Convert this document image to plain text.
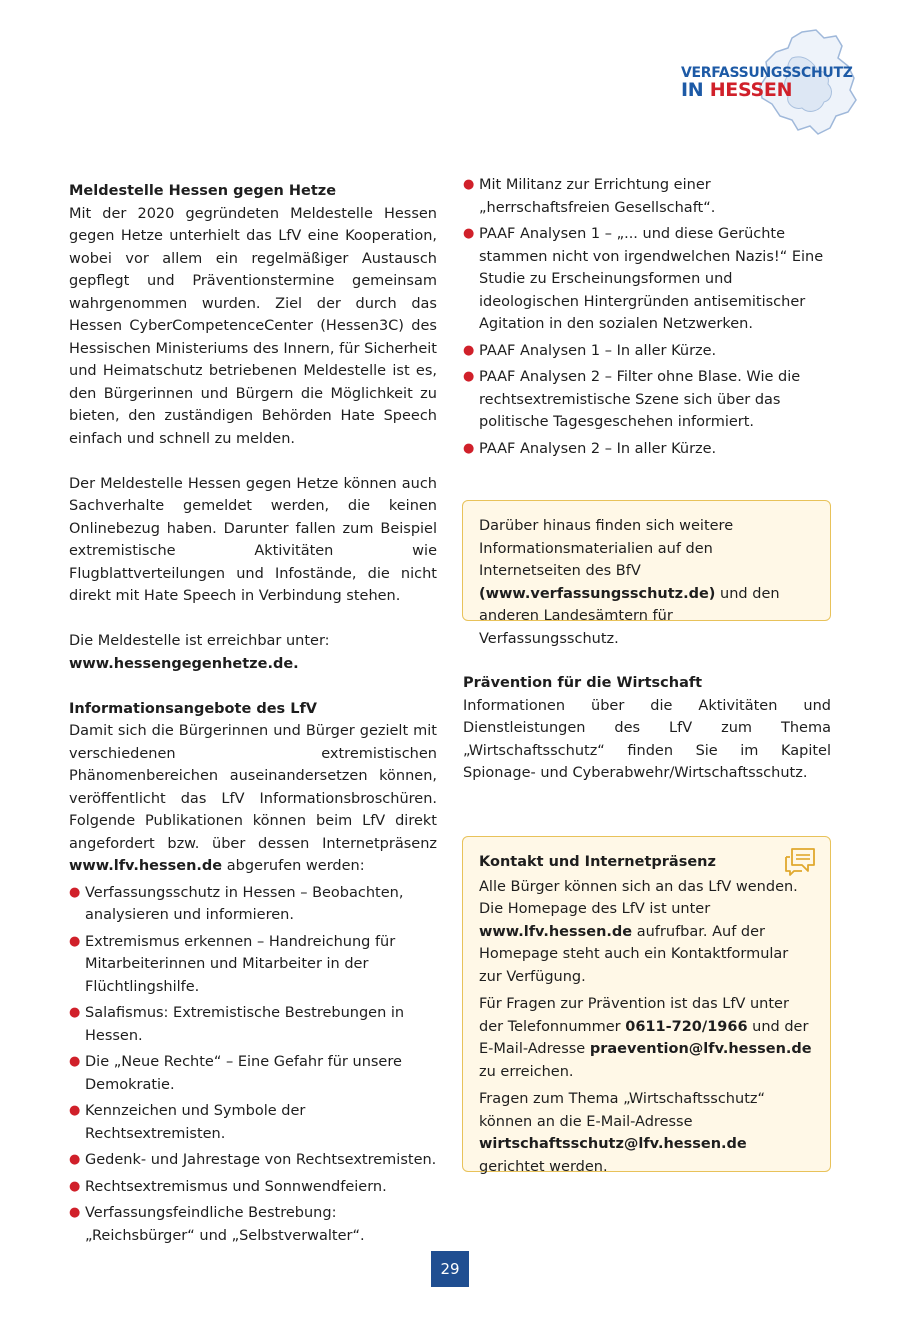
VERFASSUNGSSCHUTZ
IN HESSEN
Meldestelle Hessen gegen Hetze

Mit der 2020 gegründeten Meldestelle Hessen gegen Hetze unterhielt das LfV eine Kooperation, wobei vor allem ein regelmäßiger Austausch gepflegt und Präventionstermine gemeinsam wahrgenommen wurden. Ziel der durch das Hessen CyberCompetenceCenter (Hessen3C) des Hessischen Ministeriums des Innern, für Sicherheit und Heimatschutz betriebenen Meldestelle ist es, den Bürgerinnen und Bürgern die Möglichkeit zu bieten, den zuständigen Behörden Hate Speech einfach und schnell zu melden.

Der Meldestelle Hessen gegen Hetze können auch Sachverhalte gemeldet werden, die keinen Onlinebezug haben. Darunter fallen zum Beispiel extremistische Aktivitäten wie Flugblattverteilungen und Infostände, die nicht direkt mit Hate Speech in Verbindung stehen.

Die Meldestelle ist erreichbar unter:

www.hessengegenhetze.de.

Informationsangebote des LfV

Damit sich die Bürgerinnen und Bürger gezielt mit verschiedenen extremistischen Phänomenbereichen auseinandersetzen können, veröffentlicht das LfV Informationsbroschüren. Folgende Publikationen können beim LfV direkt angefordert bzw. über dessen Internetpräsenz www.lfv.hessen.de abgerufen werden:

● Verfassungsschutz in Hessen – Beobachten, analysieren und informieren.
● Extremismus erkennen – Handreichung für Mitarbeiterinnen und Mitarbeiter in der Flüchtlingshilfe.
● Salafismus: Extremistische Bestrebungen in Hessen.
● Die „Neue Rechte“ – Eine Gefahr für unsere Demokratie.
● Kennzeichen und Symbole der Rechtsextremisten.
● Gedenk- und Jahrestage von Rechtsextremisten.
● Rechtsextremismus und Sonnwendfeiern.
● Verfassungsfeindliche Bestrebung: „Reichsbürger“ und „Selbstverwalter“.
● Mit Militanz zur Errichtung einer „herrschaftsfreien Gesellschaft“.
● PAAF Analysen 1 – „... und diese Gerüchte stammen nicht von irgendwelchen Nazis!“ Eine Studie zu Erscheinungsformen und ideologischen Hintergründen antisemitischer Agitation in den sozialen Netzwerken.
● PAAF Analysen 1 – In aller Kürze.
● PAAF Analysen 2 – Filter ohne Blase. Wie die rechtsextremistische Szene sich über das politische Tagesgeschehen informiert.
● PAAF Analysen 2 – In aller Kürze.

Darüber hinaus finden sich weitere Informationsmaterialien auf den Internetseiten des BfV (www.verfassungsschutz.de) und den anderen Landesämtern für Verfassungsschutz.

Prävention für die Wirtschaft

Informationen über die Aktivitäten und Dienstleistungen des LfV zum Thema „Wirtschaftsschutz“ finden Sie im Kapitel Spionage- und Cyberabwehr/Wirtschaftsschutz.

Kontakt und Internetpräsenz

Alle Bürger können sich an das LfV wenden. Die Homepage des LfV ist unter www.lfv.hessen.de aufrufbar. Auf der Homepage steht auch ein Kontaktformular zur Verfügung.

Für Fragen zur Prävention ist das LfV unter der Telefonnummer 0611-720/1966 und der E-Mail-Adresse praevention@lfv.hessen.de zu erreichen.

Fragen zum Thema „Wirtschaftsschutz“ können an die E-Mail-Adresse wirtschaftsschutz@lfv.hessen.de gerichtet werden.

29
